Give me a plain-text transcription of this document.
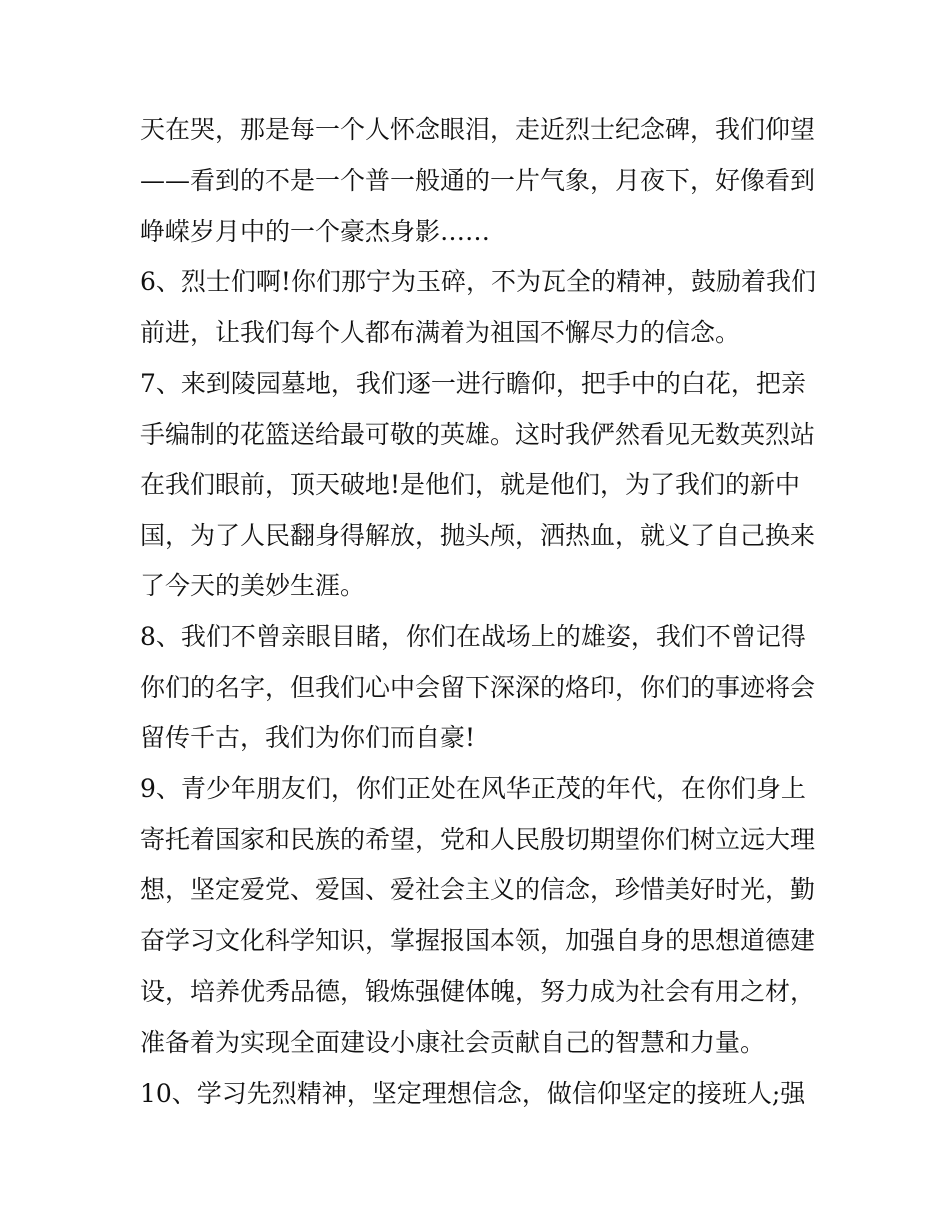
天在哭，那是每一个人怀念眼泪，走近烈士纪念碑，我们仰望
——看到的不是一个普一般通的一片气象，月夜下，好像看到
峥嵘岁月中的一个豪杰身影……
6、烈士们啊!你们那宁为玉碎，不为瓦全的精神，鼓励着我们
前进，让我们每个人都布满着为祖国不懈尽力的信念。
7、来到陵园墓地，我们逐一进行瞻仰，把手中的白花，把亲
手编制的花篮送给最可敬的英雄。这时我俨然看见无数英烈站
在我们眼前，顶天破地!是他们，就是他们，为了我们的新中
国，为了人民翻身得解放，抛头颅，洒热血，就义了自己换来
了今天的美妙生涯。
8、我们不曾亲眼目睹，你们在战场上的雄姿，我们不曾记得
你们的名字，但我们心中会留下深深的烙印，你们的事迹将会
留传千古，我们为你们而自豪!
9、青少年朋友们，你们正处在风华正茂的年代，在你们身上
寄托着国家和民族的希望，党和人民殷切期望你们树立远大理
想，坚定爱党、爱国、爱社会主义的信念，珍惜美好时光，勤
奋学习文化科学知识，掌握报国本领，加强自身的思想道德建
设，培养优秀品德，锻炼强健体魄，努力成为社会有用之材，
准备着为实现全面建设小康社会贡献自己的智慧和力量。
10、学习先烈精神，坚定理想信念，做信仰坚定的接班人;强
